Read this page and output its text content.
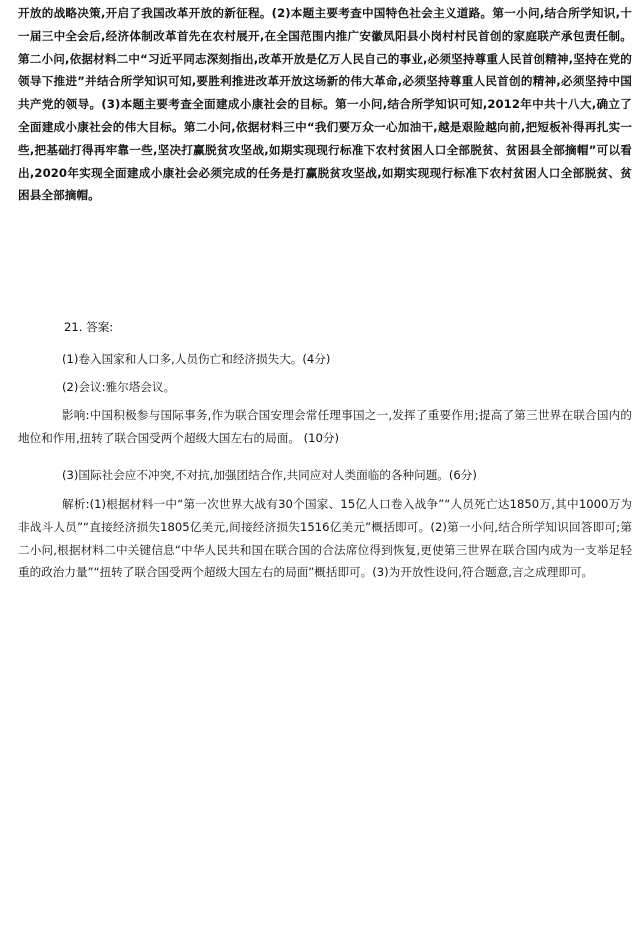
开放的战略决策,开启了我国改革开放的新征程。(2)本题主要考查中国特色社会主义道路。第一小问,结合所学知识,十一届三中全会后,经济体制改革首先在农村展开,在全国范围内推广安徽凤阳县小岗村村民首创的家庭联产承包责任制。第二小问,依据材料二中“习近平同志深刻指出,改革开放是亿万人民自己的事业,必须坚持尊重人民首创精神,坚持在党的领导下推进”并结合所学知识可知,要胜利推进改革开放这场新的伟大革命,必须坚持尊重人民首创的精神,必须坚持中国共产党的领导。(3)本题主要考查全面建成小康社会的目标。第一小问,结合所学知识可知,2012年中共十八大,确立了全面建成小康社会的伟大目标。第二小问,依据材料三中“我们要万众一心加油干,越是艰险越向前,把短板补得再扎实一些,把基础打得再牢靠一些,坚决打赢脱贫攻坚战,如期实现现行标准下农村贫困人口全部脱贫、贫困县全部摘帽”可以看出,2020年实现全面建成小康社会必须完成的任务是打赢脱贫攻坚战,如期实现现行标准下农村贫困人口全部脱贫、贫困县全部摘帽。

21. 答案:

(1)卷入国家和人口多,人员伤亡和经济损失大。(4分)

(2)会议:雅尔塔会议。

影响:中国积极参与国际事务,作为联合国安理会常任理事国之一,发挥了重要作用;提高了第三世界在联合国内的地位和作用,扭转了联合国受两个超级大国左右的局面。 (10分)

(3)国际社会应不冲突,不对抗,加强团结合作,共同应对人类面临的各种问题。(6分)

解析:(1)根据材料一中“第一次世界大战有30个国家、15亿人口卷入战争”“人员死亡达1850万,其中1000万为非战斗人员”“直接经济损失1805亿美元,间接经济损失1516亿美元”概括即可。(2)第一小问,结合所学知识回答即可;第二小问,根据材料二中关键信息“中华人民共和国在联合国的合法席位得到恢复,更使第三世界在联合国内成为一支举足轻重的政治力量”“扭转了联合国受两个超级大国左右的局面”概括即可。(3)为开放性设问,符合题意,言之成理即可。
